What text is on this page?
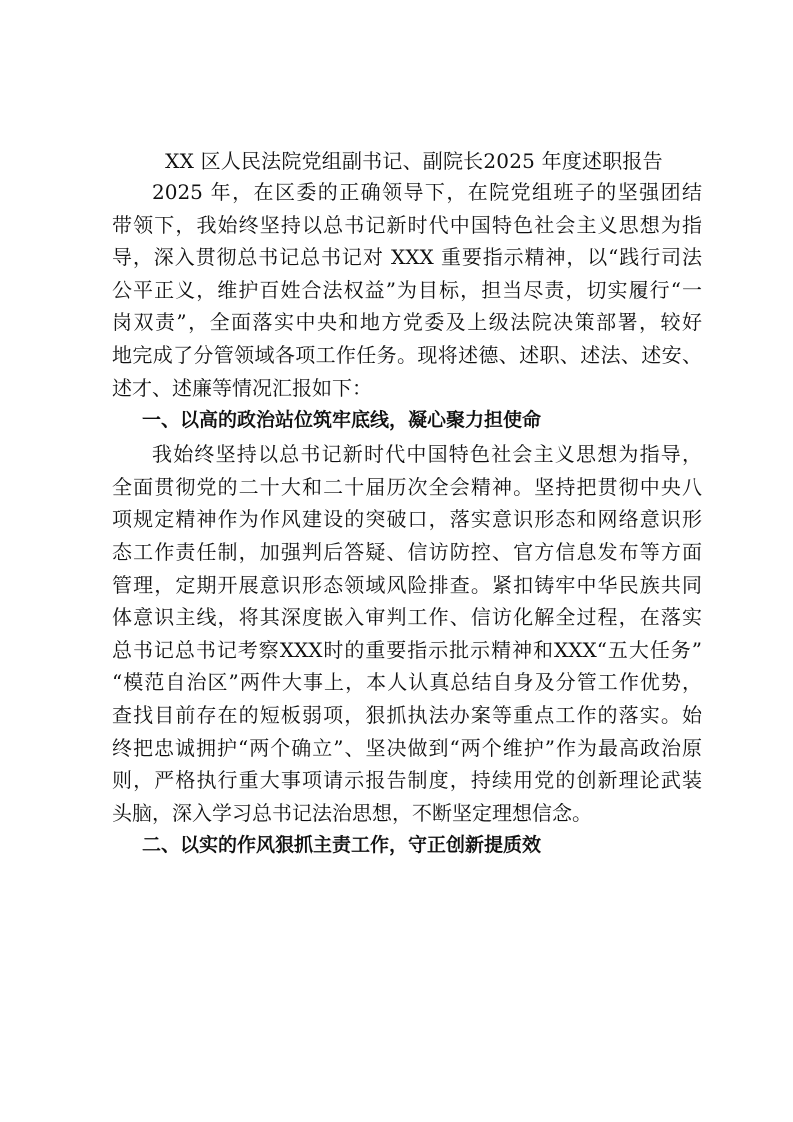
XX 区人民法院党组副书记、副院长2025 年度述职报告
2025 年，在区委的正确领导下，在院党组班子的坚强团结
带领下，我始终坚持以总书记新时代中国特色社会主义思想为指
导，深入贯彻总书记总书记对 XXX 重要指示精神，以“践行司法
公平正义，维护百姓合法权益”为目标，担当尽责，切实履行“一
岗双责”，全面落实中央和地方党委及上级法院决策部署，较好
地完成了分管领域各项工作任务。现将述德、述职、述法、述安、
述才、述廉等情况汇报如下：
一、以高的政治站位筑牢底线，凝心聚力担使命
我始终坚持以总书记新时代中国特色社会主义思想为指导，
全面贯彻党的二十大和二十届历次全会精神。坚持把贯彻中央八
项规定精神作为作风建设的突破口，落实意识形态和网络意识形
态工作责任制，加强判后答疑、信访防控、官方信息发布等方面
管理，定期开展意识形态领域风险排查。紧扣铸牢中华民族共同
体意识主线，将其深度嵌入审判工作、信访化解全过程，在落实
总书记总书记考察XXX时的重要指示批示精神和XXX“五大任务”
“模范自治区”两件大事上，本人认真总结自身及分管工作优势，
查找目前存在的短板弱项，狠抓执法办案等重点工作的落实。始
终把忠诚拥护“两个确立”、坚决做到“两个维护”作为最高政治原
则，严格执行重大事项请示报告制度，持续用党的创新理论武装
头脑，深入学习总书记法治思想，不断坚定理想信念。
二、以实的作风狠抓主责工作，守正创新提质效
